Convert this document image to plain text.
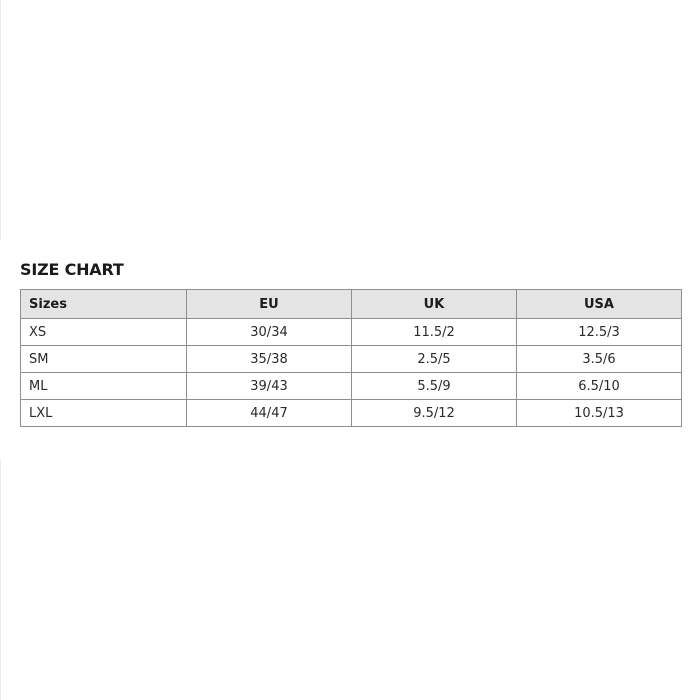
SIZE CHART
Sizes	EU	UK	USA
XS	30/34	11.5/2	12.5/3
SM	35/38	2.5/5	3.5/6
ML	39/43	5.5/9	6.5/10
LXL	44/47	9.5/12	10.5/13
